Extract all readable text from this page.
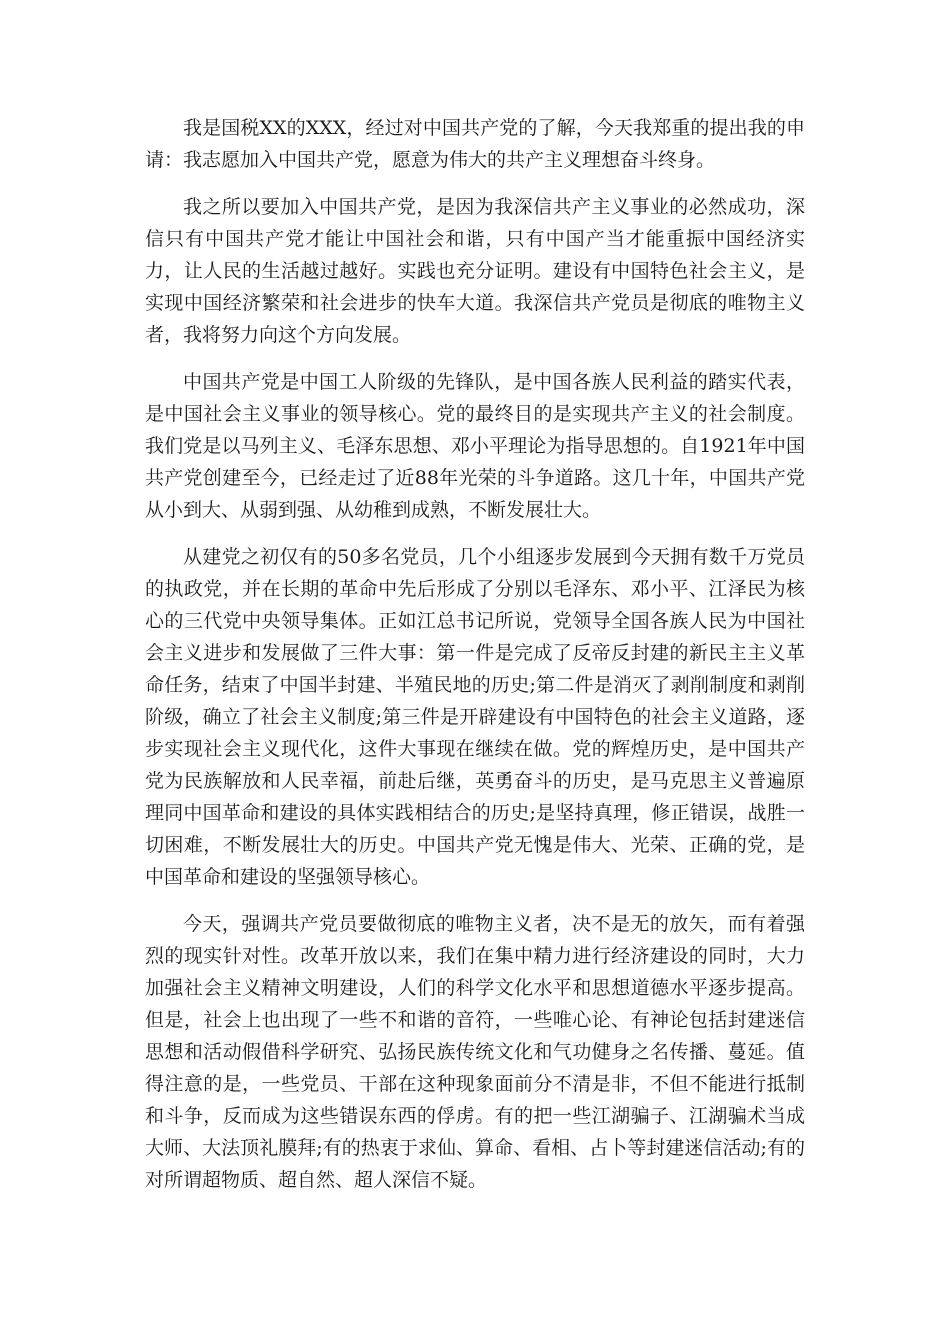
我是国税XX的XXX，经过对中国共产党的了解，今天我郑重的提出我的申请：我志愿加入中国共产党，愿意为伟大的共产主义理想奋斗终身。

我之所以要加入中国共产党，是因为我深信共产主义事业的必然成功，深信只有中国共产党才能让中国社会和谐，只有中国产当才能重振中国经济实力，让人民的生活越过越好。实践也充分证明。建设有中国特色社会主义，是实现中国经济繁荣和社会进步的快车大道。我深信共产党员是彻底的唯物主义者，我将努力向这个方向发展。

中国共产党是中国工人阶级的先锋队，是中国各族人民利益的踏实代表，是中国社会主义事业的领导核心。党的最终目的是实现共产主义的社会制度。我们党是以马列主义、毛泽东思想、邓小平理论为指导思想的。自1921年中国共产党创建至今，已经走过了近88年光荣的斗争道路。这几十年，中国共产党从小到大、从弱到强、从幼稚到成熟，不断发展壮大。

从建党之初仅有的50多名党员，几个小组逐步发展到今天拥有数千万党员的执政党，并在长期的革命中先后形成了分别以毛泽东、邓小平、江泽民为核心的三代党中央领导集体。正如江总书记所说，党领导全国各族人民为中国社会主义进步和发展做了三件大事：第一件是完成了反帝反封建的新民主主义革命任务，结束了中国半封建、半殖民地的历史;第二件是消灭了剥削制度和剥削阶级，确立了社会主义制度;第三件是开辟建设有中国特色的社会主义道路，逐步实现社会主义现代化，这件大事现在继续在做。党的辉煌历史，是中国共产党为民族解放和人民幸福，前赴后继，英勇奋斗的历史，是马克思主义普遍原理同中国革命和建设的具体实践相结合的历史;是坚持真理，修正错误，战胜一切困难，不断发展壮大的历史。中国共产党无愧是伟大、光荣、正确的党，是中国革命和建设的坚强领导核心。

今天，强调共产党员要做彻底的唯物主义者，决不是无的放矢，而有着强烈的现实针对性。改革开放以来，我们在集中精力进行经济建设的同时，大力加强社会主义精神文明建设，人们的科学文化水平和思想道德水平逐步提高。但是，社会上也出现了一些不和谐的音符，一些唯心论、有神论包括封建迷信思想和活动假借科学研究、弘扬民族传统文化和气功健身之名传播、蔓延。值得注意的是，一些党员、干部在这种现象面前分不清是非，不但不能进行抵制和斗争，反而成为这些错误东西的俘虏。有的把一些江湖骗子、江湖骗术当成大师、大法顶礼膜拜;有的热衷于求仙、算命、看相、占卜等封建迷信活动;有的对所谓超物质、超自然、超人深信不疑。
